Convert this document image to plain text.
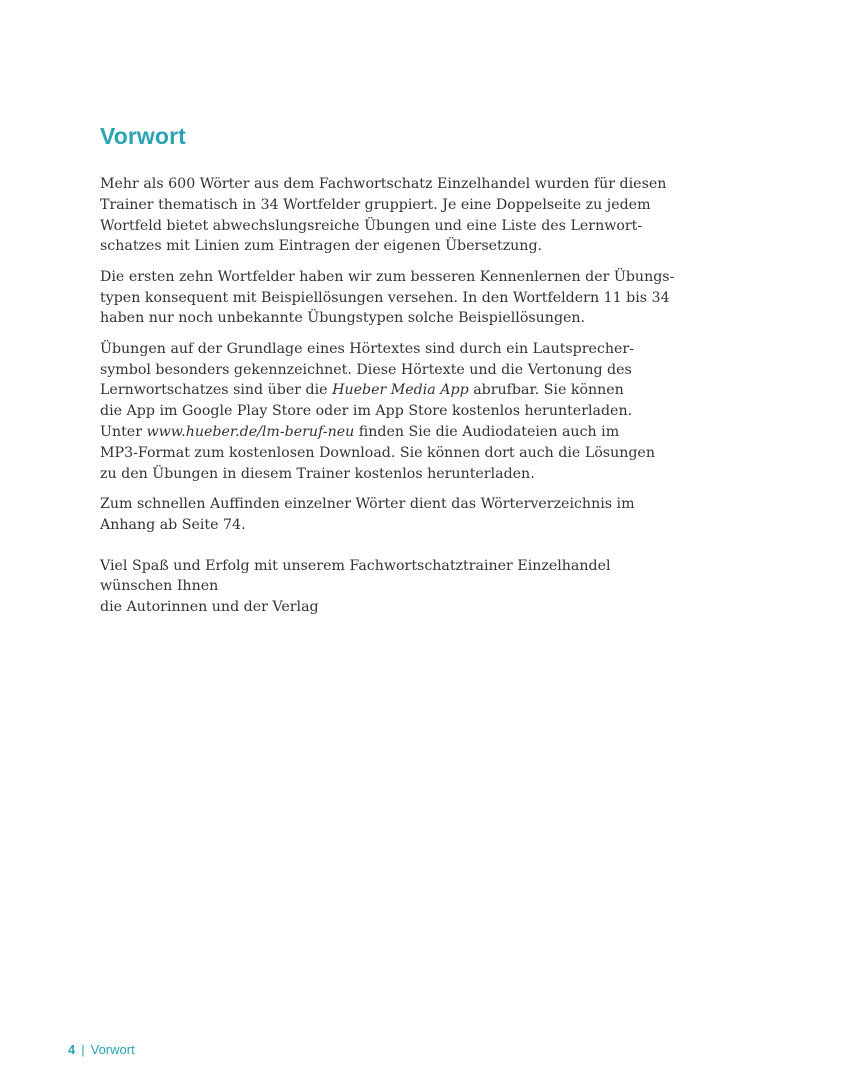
Vorwort

Mehr als 600 Wörter aus dem Fachwortschatz Einzelhandel wurden für diesen
Trainer thematisch in 34 Wortfelder gruppiert. Je eine Doppelseite zu jedem
Wortfeld bietet abwechslungsreiche Übungen und eine Liste des Lernwort-
schatzes mit Linien zum Eintragen der eigenen Übersetzung.

Die ersten zehn Wortfelder haben wir zum besseren Kennenlernen der Übungs-
typen konsequent mit Beispiellösungen versehen. In den Wortfeldern 11 bis 34
haben nur noch unbekannte Übungstypen solche Beispiellösungen.

Übungen auf der Grundlage eines Hörtextes sind durch ein Lautsprecher-
symbol besonders gekennzeichnet. Diese Hörtexte und die Vertonung des
Lernwortschatzes sind über die Hueber Media App abrufbar. Sie können
die App im Google Play Store oder im App Store kostenlos herunterladen.
Unter www.hueber.de/lm-beruf-neu finden Sie die Audiodateien auch im
MP3-Format zum kostenlosen Download. Sie können dort auch die Lösungen
zu den Übungen in diesem Trainer kostenlos herunterladen.

Zum schnellen Auffinden einzelner Wörter dient das Wörterverzeichnis im
Anhang ab Seite 74.

Viel Spaß und Erfolg mit unserem Fachwortschatztrainer Einzelhandel
wünschen Ihnen
die Autorinnen und der Verlag

4 | Vorwort
